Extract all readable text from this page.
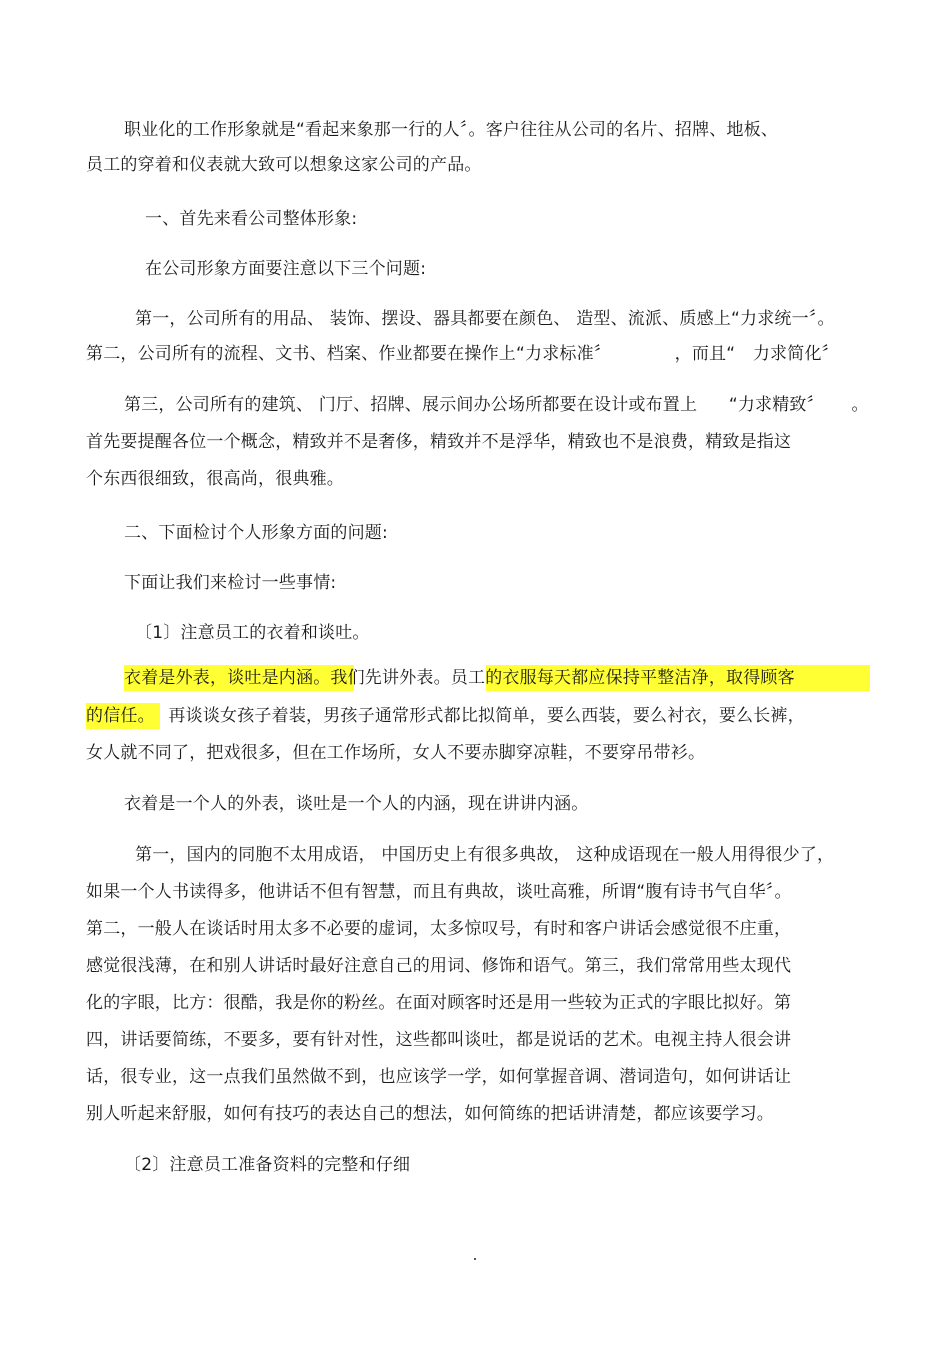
职业化的工作形象就是“看起来象那一行的人〞。客户往往从公司的名片、招牌、地板、
员工的穿着和仪表就大致可以想象这家公司的产品。
一、首先来看公司整体形象:
在公司形象方面要注意以下三个问题:
第一，公司所有的用品、 装饰、摆设、器具都要在颜色、 造型、流派、质感上“力求统一〞。
第二，公司所有的流程、文书、档案、作业都要在操作上“力求标准〞	，而且“ 力求简化〞
第三，公司所有的建筑、 门厅、招牌、展示间办公场所都要在设计或布置上 “力求精致〞 。
首先要提醒各位一个概念，精致并不是奢侈，精致并不是浮华，精致也不是浪费，精致是指这
个东西很细致，很高尚，很典雅。
二、下面检讨个人形象方面的问题:
下面让我们来检讨一些事情:
〔1〕注意员工的衣着和谈吐。
衣着是外表，谈吐是内涵。我们先讲外表。员工的衣服每天都应保持平整洁净，取得顾客
的信任。 再谈谈女孩子着装，男孩子通常形式都比拟简单，要么西装，要么衬衣，要么长裤，
女人就不同了，把戏很多，但在工作场所，女人不要赤脚穿凉鞋，不要穿吊带衫。
衣着是一个人的外表，谈吐是一个人的内涵，现在讲讲内涵。
第一，国内的同胞不太用成语， 中国历史上有很多典故， 这种成语现在一般人用得很少了，
如果一个人书读得多，他讲话不但有智慧，而且有典故，谈吐高雅，所谓“腹有诗书气自华〞。
第二，一般人在谈话时用太多不必要的虚词，太多惊叹号，有时和客户讲话会感觉很不庄重，
感觉很浅薄，在和别人讲话时最好注意自己的用词、修饰和语气。第三，我们常常用些太现代
化的字眼，比方：很酷，我是你的粉丝。在面对顾客时还是用一些较为正式的字眼比拟好。第
四，讲话要简练，不要多，要有针对性，这些都叫谈吐，都是说话的艺术。电视主持人很会讲
话，很专业，这一点我们虽然做不到，也应该学一学，如何掌握音调、潜词造句，如何讲话让
别人听起来舒服，如何有技巧的表达自己的想法，如何简练的把话讲清楚，都应该要学习。
〔2〕注意员工准备资料的完整和仔细
